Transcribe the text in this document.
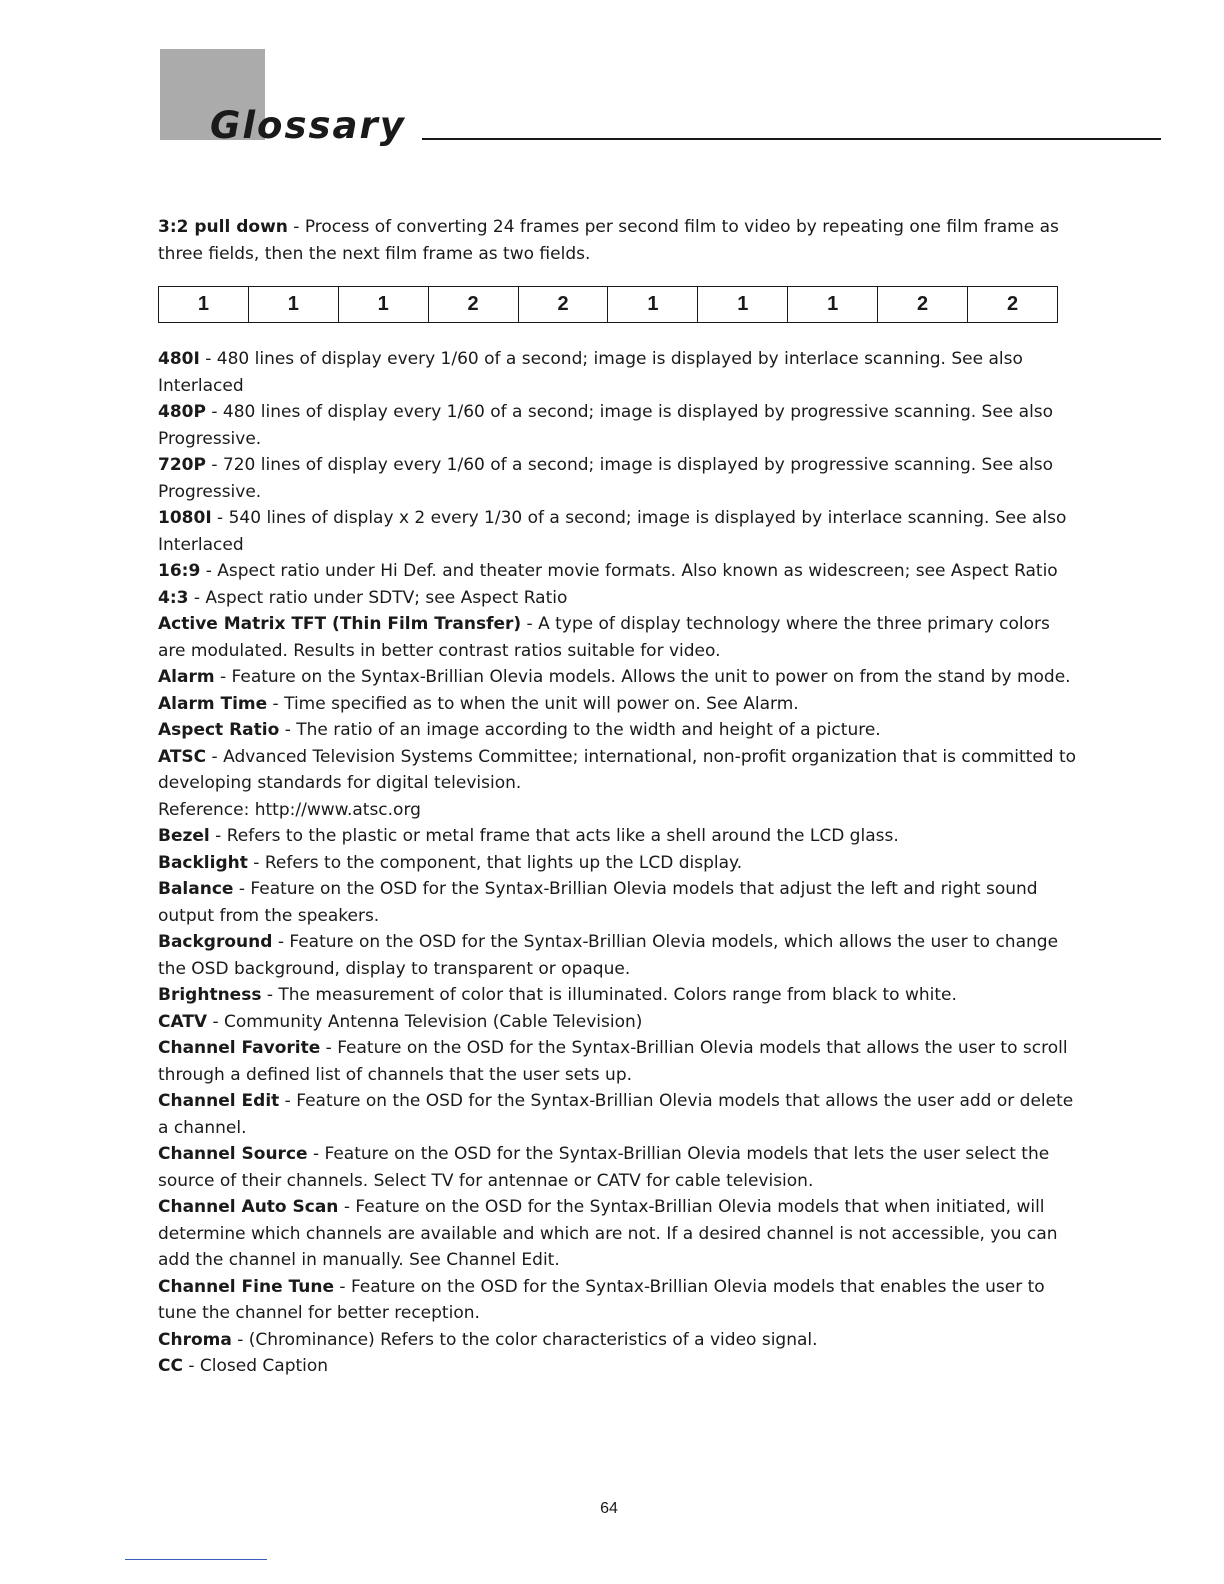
Glossary

3:2 pull down - Process of converting 24 frames per second film to video by repeating one film frame as three fields, then the next film frame as two fields.

1	1	1	2	2	1	1	1	2	2

480I - 480 lines of display every 1/60 of a second; image is displayed by interlace scanning. See also Interlaced

480P - 480 lines of display every 1/60 of a second; image is displayed by progressive scanning. See also Progressive.

720P - 720 lines of display every 1/60 of a second; image is displayed by progressive scanning. See also Progressive.

1080I - 540 lines of display x 2 every 1/30 of a second; image is displayed by interlace scanning. See also Interlaced

16:9 - Aspect ratio under Hi Def. and theater movie formats. Also known as widescreen; see Aspect Ratio

4:3 - Aspect ratio under SDTV; see Aspect Ratio

Active Matrix TFT (Thin Film Transfer) - A type of display technology where the three primary colors are modulated. Results in better contrast ratios suitable for video.

Alarm - Feature on the Syntax-Brillian Olevia models. Allows the unit to power on from the stand by mode.

Alarm Time - Time specified as to when the unit will power on. See Alarm.

Aspect Ratio - The ratio of an image according to the width and height of a picture.

ATSC - Advanced Television Systems Committee; international, non-profit organization that is committed to developing standards for digital television.

Reference: http://www.atsc.org

Bezel - Refers to the plastic or metal frame that acts like a shell around the LCD glass.

Backlight - Refers to the component, that lights up the LCD display.

Balance - Feature on the OSD for the Syntax-Brillian Olevia models that adjust the left and right sound output from the speakers.

Background - Feature on the OSD for the Syntax-Brillian Olevia models, which allows the user to change the OSD background, display to transparent or opaque.

Brightness - The measurement of color that is illuminated. Colors range from black to white.

CATV - Community Antenna Television (Cable Television)

Channel Favorite - Feature on the OSD for the Syntax-Brillian Olevia models that allows the user to scroll through a defined list of channels that the user sets up.

Channel Edit - Feature on the OSD for the Syntax-Brillian Olevia models that allows the user add or delete a channel.

Channel Source - Feature on the OSD for the Syntax-Brillian Olevia models that lets the user select the source of their channels. Select TV for antennae or CATV for cable television.

Channel Auto Scan - Feature on the OSD for the Syntax-Brillian Olevia models that when initiated, will determine which channels are available and which are not. If a desired channel is not accessible, you can add the channel in manually. See Channel Edit.

Channel Fine Tune - Feature on the OSD for the Syntax-Brillian Olevia models that enables the user to tune the channel for better reception.

Chroma - (Chrominance) Refers to the color characteristics of a video signal.

CC - Closed Caption

64
